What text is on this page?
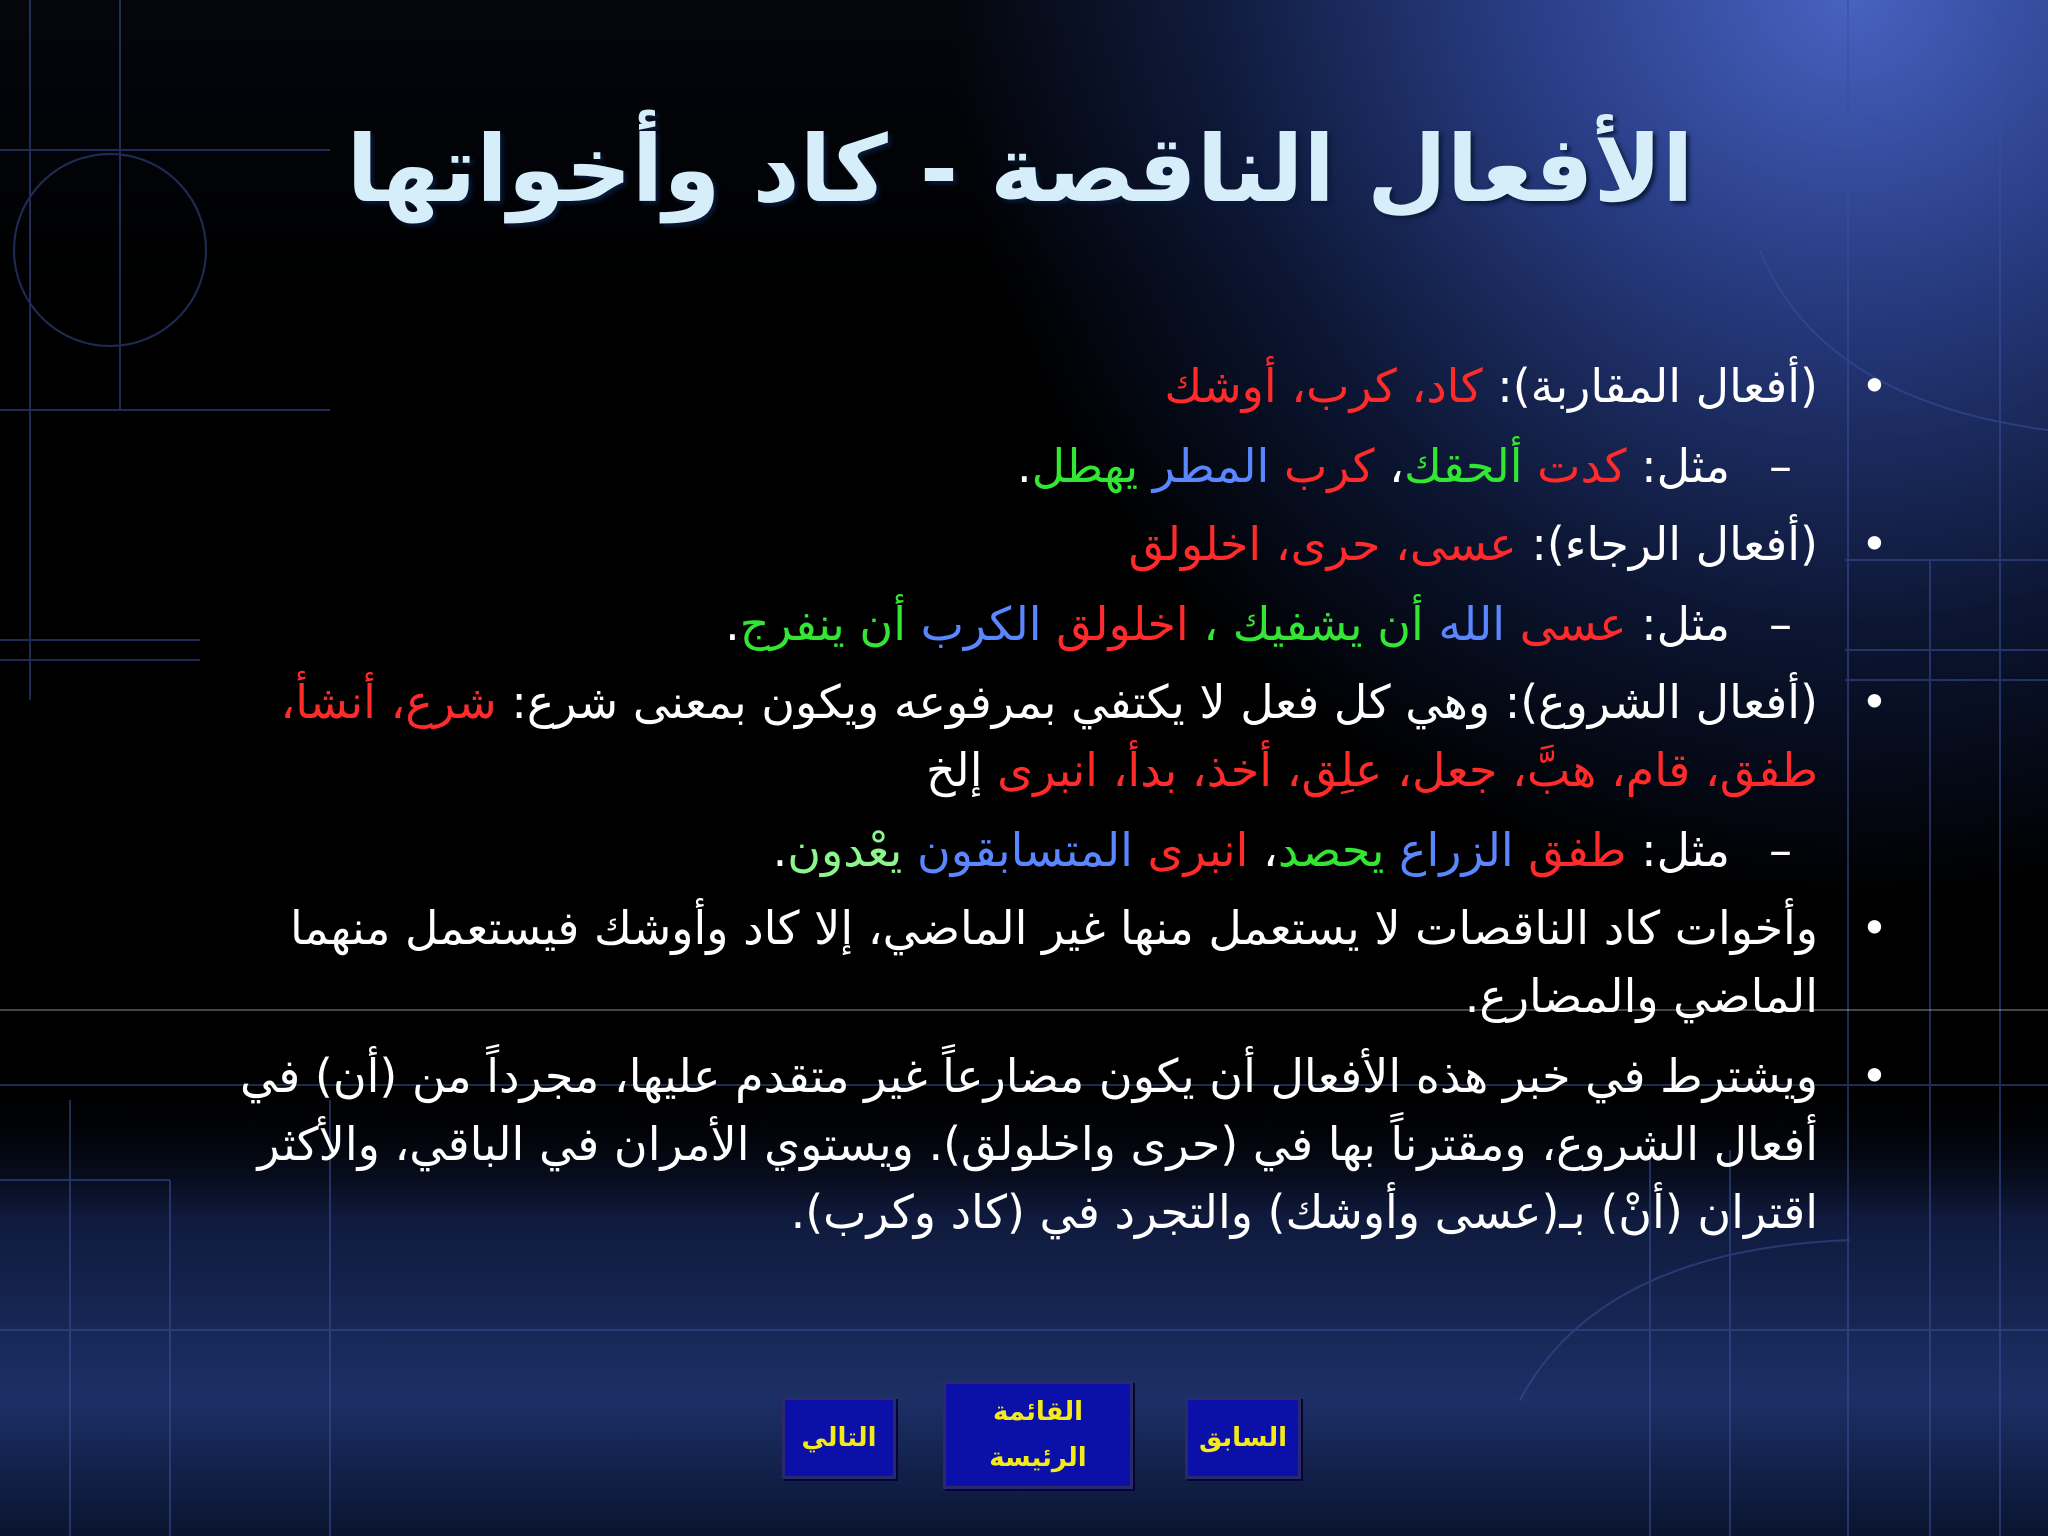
الأفعال الناقصة - كاد وأخواتها
• (أفعال المقاربة): كاد، كرب، أوشك
–
مثل: كدت ألحقك، كرب المطر يهطل.
• (أفعال الرجاء): عسى، حرى، اخلولق
–
مثل: عسى الله أن يشفيك ، اخلولق الكرب أن ينفرج.
• (أفعال الشروع): وهي كل فعل لا يكتفي بمرفوعه ويكون بمعنى شرع: شرع، أنشأ، طفق، قام، هبَّ، جعل، علِق، أخذ، بدأ، انبرى إلخ
–
مثل: طفق الزراع يحصد، انبرى المتسابقون يعْدون.
• وأخوات كاد الناقصات لا يستعمل منها غير الماضي، إلا كاد وأوشك فيستعمل منهما الماضي والمضارع.
• ويشترط في خبر هذه الأفعال أن يكون مضارعاً غير متقدم عليها، مجرداً من (أن) في أفعال الشروع، ومقترناً بها في (حرى واخلولق). ويستوي الأمران في الباقي، والأكثر اقتران (أنْ) بـ(عسى وأوشك) والتجرد في (كاد وكرب).
التالي
القائمة الرئيسة
السابق
